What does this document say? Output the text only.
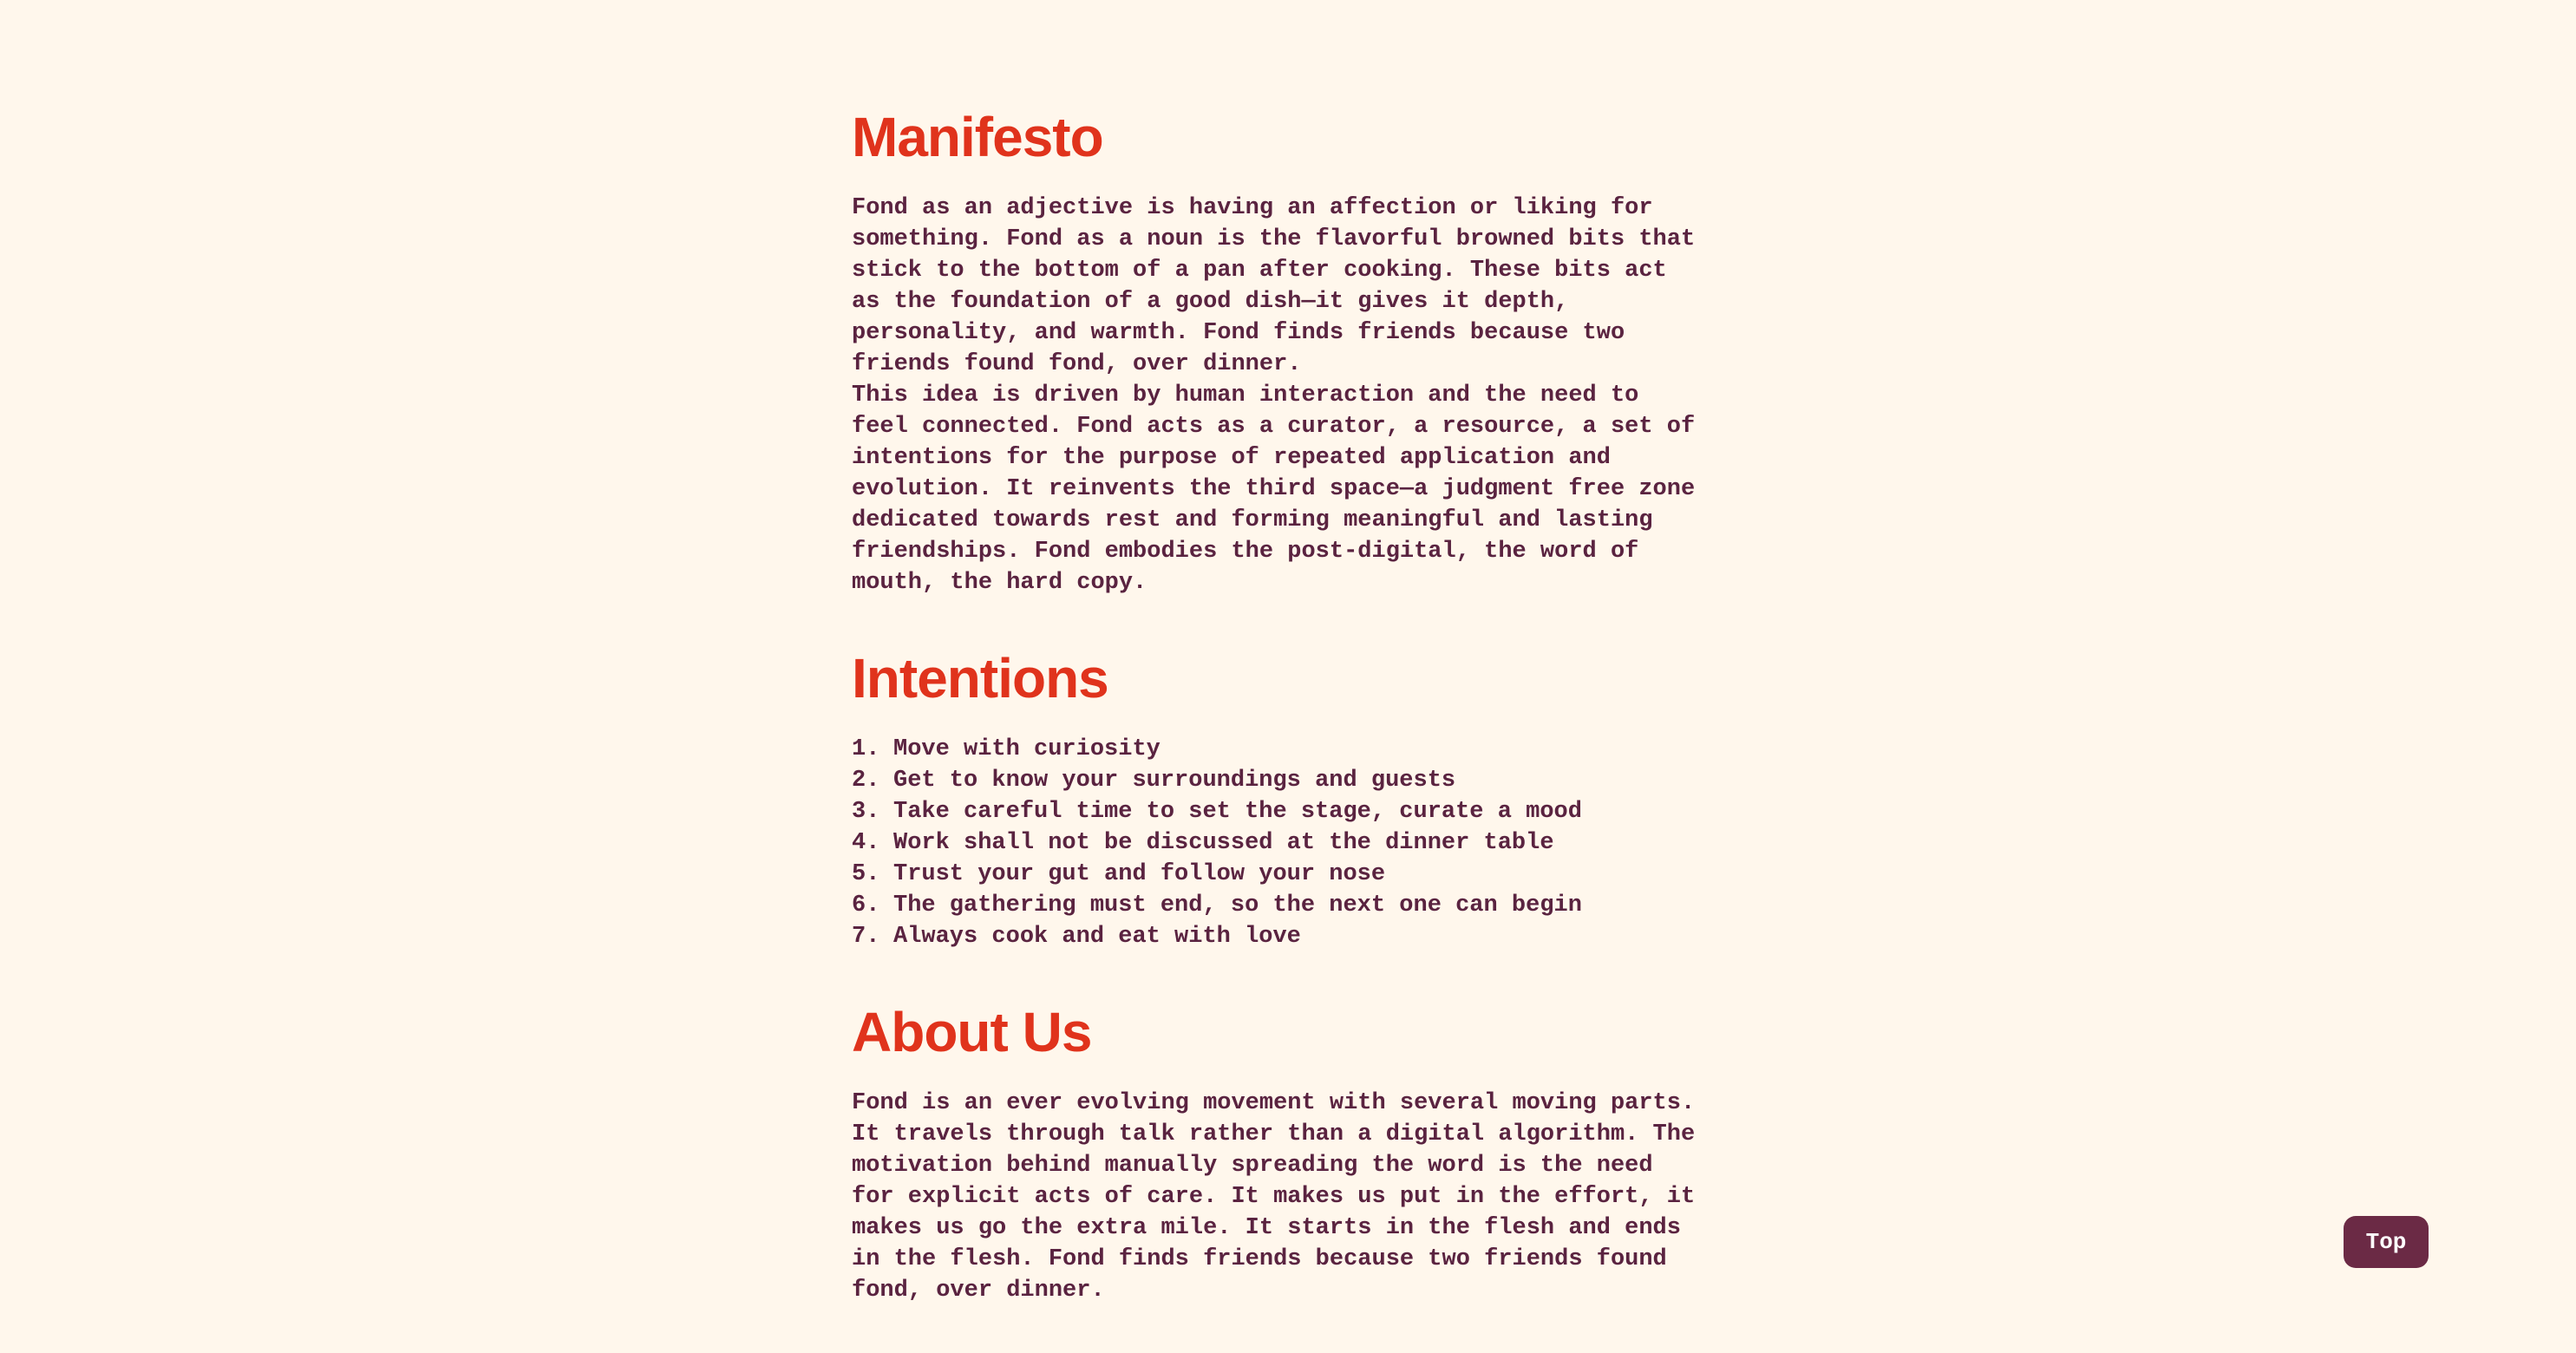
Manifesto

Fond as an adjective is having an affection or liking for
something. Fond as a noun is the flavorful browned bits that
stick to the bottom of a pan after cooking. These bits act
as the foundation of a good dish—it gives it depth,
personality, and warmth. Fond finds friends because two
friends found fond, over dinner.
This idea is driven by human interaction and the need to
feel connected. Fond acts as a curator, a resource, a set of
intentions for the purpose of repeated application and
evolution. It reinvents the third space—a judgment free zone
dedicated towards rest and forming meaningful and lasting
friendships. Fond embodies the post-digital, the word of
mouth, the hard copy.

Intentions
1. Move with curiosity
2. Get to know your surroundings and guests
3. Take careful time to set the stage, curate a mood
4. Work shall not be discussed at the dinner table
5. Trust your gut and follow your nose
6. The gathering must end, so the next one can begin
7. Always cook and eat with love
About Us

Fond is an ever evolving movement with several moving parts.
It travels through talk rather than a digital algorithm. The
motivation behind manually spreading the word is the need
for explicit acts of care. It makes us put in the effort, it
makes us go the extra mile. It starts in the flesh and ends
in the flesh. Fond finds friends because two friends found
fond, over dinner.

Top
